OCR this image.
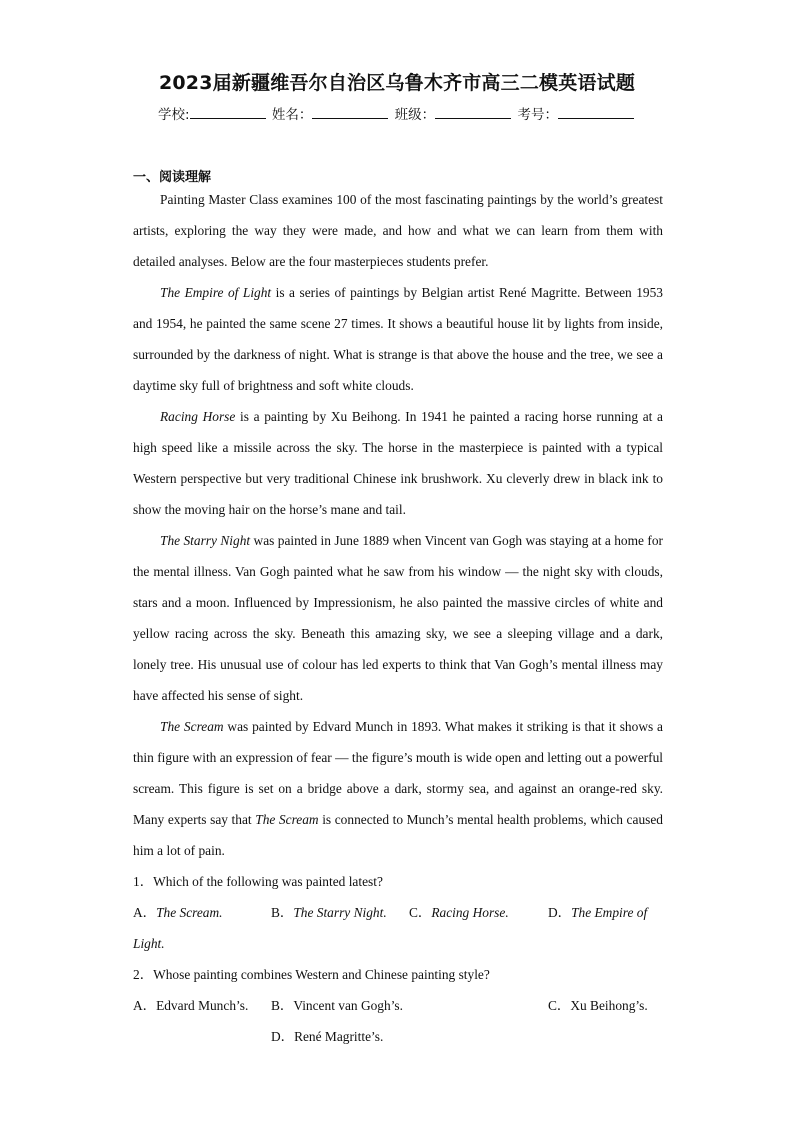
2023届新疆维吾尔自治区乌鲁木齐市高三二模英语试题
学校:	姓名：	班级：	考号：
一、阅读理解

Painting Master Class examines 100 of the most fascinating paintings by the world’s greatest artists, exploring the way they were made, and how and what we can learn from them with detailed analyses. Below are the four masterpieces students prefer.

The Empire of Light is a series of paintings by Belgian artist René Magritte. Between 1953 and 1954, he painted the same scene 27 times. It shows a beautiful house lit by lights from inside, surrounded by the darkness of night. What is strange is that above the house and the tree, we see a daytime sky full of brightness and soft white clouds.

Racing Horse is a painting by Xu Beihong. In 1941 he painted a racing horse running at a high speed like a missile across the sky. The horse in the masterpiece is painted with a typical Western perspective but very traditional Chinese ink brushwork. Xu cleverly drew in black ink to show the moving hair on the horse’s mane and tail.

The Starry Night was painted in June 1889 when Vincent van Gogh was staying at a home for the mental illness. Van Gogh painted what he saw from his window — the night sky with clouds, stars and a moon. Influenced by Impressionism, he also painted the massive circles of white and yellow racing across the sky. Beneath this amazing sky, we see a sleeping village and a dark, lonely tree. His unusual use of colour has led experts to think that Van Gogh’s mental illness may have affected his sense of sight.

The Scream was painted by Edvard Munch in 1893. What makes it striking is that it shows a thin figure with an expression of fear — the figure’s mouth is wide open and letting out a powerful scream. This figure is set on a bridge above a dark, stormy sea, and against an orange-red sky. Many experts say that The Scream is connected to Munch’s mental health problems, which caused him a lot of pain.

1．Which of the following was painted latest?

A．The Scream.	B．The Starry Night. C．Racing Horse.	D．The Empire of
Light.

2．Whose painting combines Western and Chinese painting style?

A．Edvard Munch’s. B．Vincent van Gogh’s.	C．Xu Beihong’s.
D．René Magritte’s.
